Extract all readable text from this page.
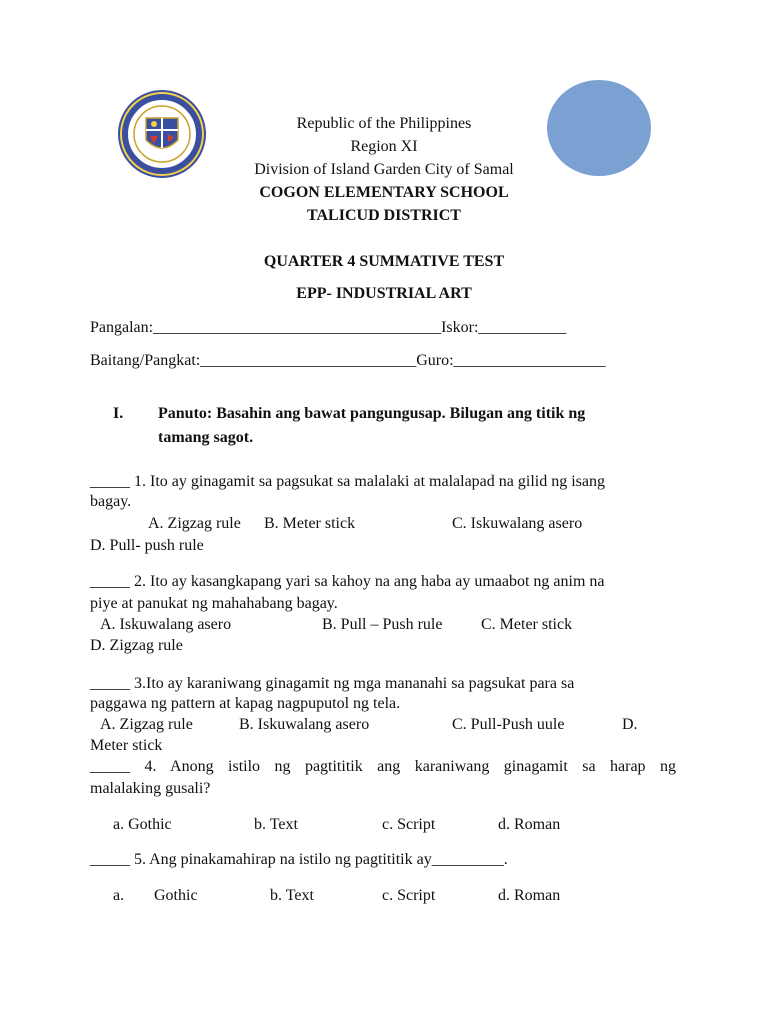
Republic of the Philippines
Region XI
Division of Island Garden City of Samal
COGON ELEMENTARY SCHOOL
TALICUD DISTRICT
QUARTER 4 SUMMATIVE TEST
EPP- INDUSTRIAL ART
Pangalan:____________________________________Iskor:___________
Baitang/Pangkat:___________________________Guro:___________________
I. Panuto: Basahin ang bawat pangungusap. Bilugan ang titik ng
tamang sagot.
_____ 1. Ito ay ginagamit sa pagsukat sa malalaki at malalapad na gilid ng isang
bagay.
A. Zigzag rule B. Meter stick	C. Iskuwalang asero
D. Pull- push rule
_____ 2. Ito ay kasangkapang yari sa kahoy na ang haba ay umaabot ng anim na
piye at panukat ng mahahabang bagay.
A. Iskuwalang asero	B. Pull – Push rule C. Meter stick
D. Zigzag rule
_____ 3.Ito ay karaniwang ginagamit ng mga mananahi sa pagsukat para sa
paggawa ng pattern at kapag nagpuputol ng tela.
A. Zigzag rule	B. Iskuwalang asero	C. Pull-Push uule	D.
Meter stick
_____ 4. Anong istilo ng pagtititik ang karaniwang ginagamit sa harap ng
malalaking gusali?
a. Gothic	b. Text	c. Script	d. Roman
_____ 5. Ang pinakamahirap na istilo ng pagtititik ay_________.
a. Gothic	b. Text	c. Script	d. Roman
